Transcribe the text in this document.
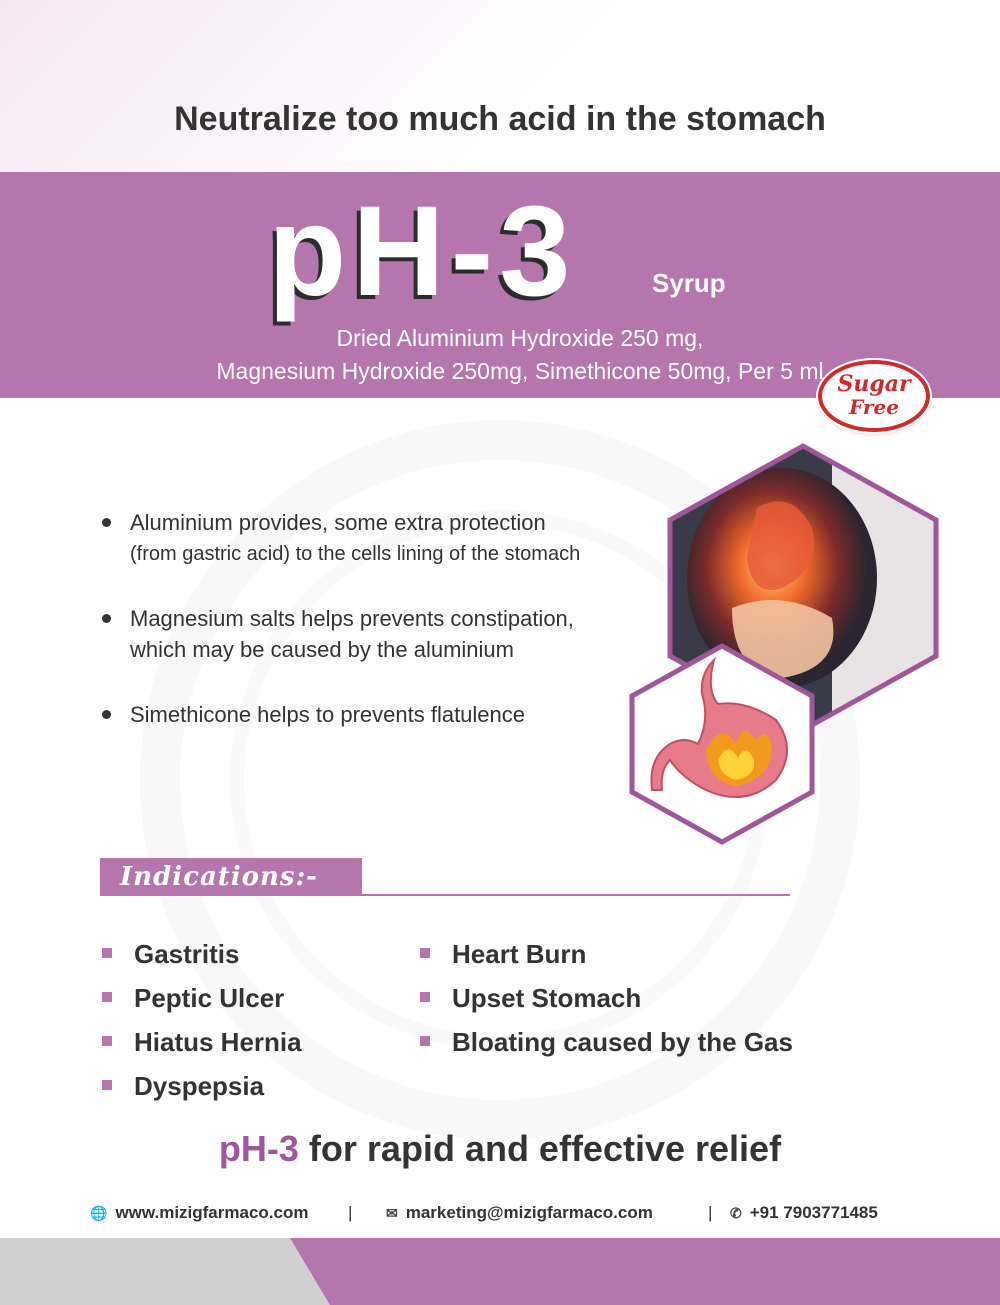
Neutralize too much acid in the stomach
pH-3	Syrup
Dried Aluminium Hydroxide 250 mg,
Magnesium Hydroxide 250mg, Simethicone 50mg, Per 5 ml Sugar
Free
Aluminium provides, some extra protection
(from gastric acid) to the cells lining of the stomach
Magnesium salts helps prevents constipation,
which may be caused by the aluminium
Simethicone helps to prevents flatulence
Indications:-
Gastritis
Peptic Ulcer
Hiatus Hernia
Dyspepsia
Heart Burn
Upset Stomach
Bloating caused by the Gas
pH-3 for rapid and effective relief
🌐 www.mizigfarmaco.com | ✉ marketing@mizigfarmaco.com	| ✆ +91 7903771485
